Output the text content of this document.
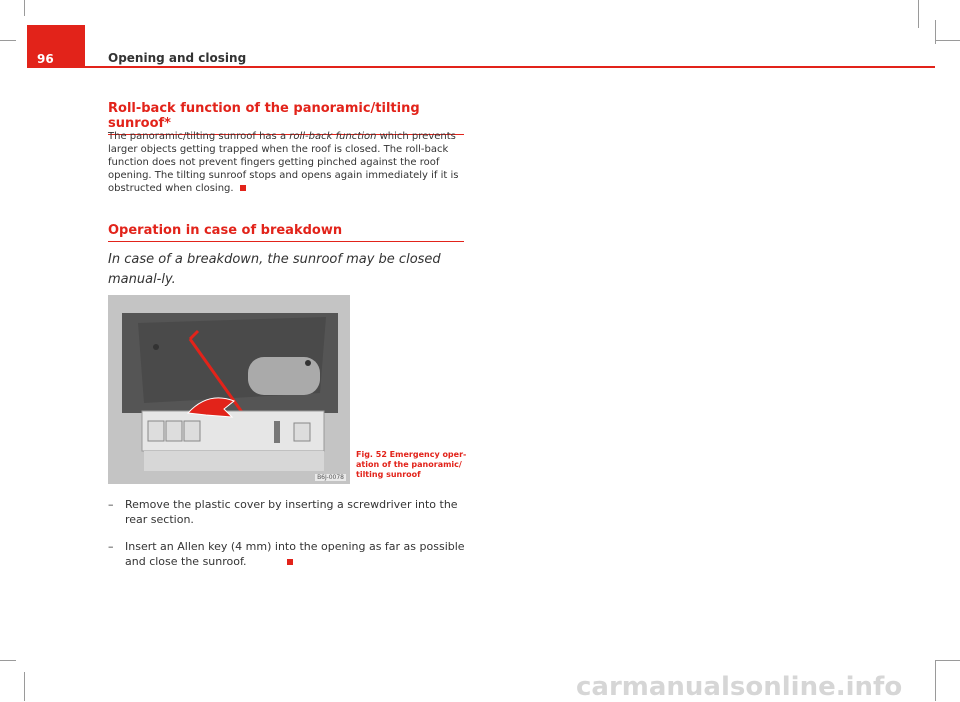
96	Opening and closing
Roll-back function of the panoramic/tilting sunroof*
The panoramic/tilting sunroof has a roll-back function which prevents larger objects getting trapped when the roof is closed. The roll-back function does not prevent fingers getting pinched against the roof opening. The tilting sunroof stops and opens again immediately if it is obstructed when closing.
Operation in case of breakdown
In case of a breakdown, the sunroof may be closed manual-ly.
B6J-0078
Fig. 52 Emergency oper-ation of the panoramic/ tilting sunroof
– Remove the plastic cover by inserting a screwdriver into the rear section.
– Insert an Allen key (4 mm) into the opening as far as possible and close the sunroof.
carmanualsonline.info
